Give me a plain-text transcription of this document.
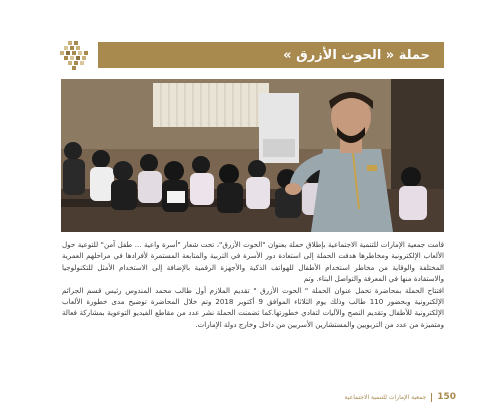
حملة « الحوت الأزرق »

قامت جمعية الإمارات للتنمية الاجتماعية بإطلاق حملة بعنوان "الحوت الأزرق"، تحت شعار "أسرة واعية ... طفل آمن" للتوعية حول الألعاب الإلكترونية ومخاطرها هدفت الحملة إلى استعادة دور الأسرة في التربية والمتابعة المستمرة لأفرادها في مراحلهم العمرية المختلفة والوقاية من مخاطر استخدام الأطفال للهواتف الذكية والأجهزة الرقمية بالإضافة إلى الاستخدام الأمثل للتكنولوجيا والاستفادة منها في المعرفة والتواصل البناء. وتم

افتتاح الحملة بمحاضرة تحمل عنوان الحملة " الحوت الأزرق " تقديم الملازم أول طالب محمد المندوس رئيس قسم الجرائم الإلكترونية وبحضور 110 طالب وذلك يوم الثلاثاء الموافق 9 أكتوبر 2018 وتم خلال المحاضرة توضيح مدى خطورة الألعاب الإلكترونية للأطفال وتقديم النصح والآليات لتفادي خطورتها.كما تضمنت الحملة نشر عدد من مقاطع الفيديو التوعوية بمشاركة فعالة ومتميزة من عدد من التربويين والمستشارين الأسريين من داخل وخارج دولة الإمارات.

جمعية الإمارات للتنمية الاجتماعية 150
